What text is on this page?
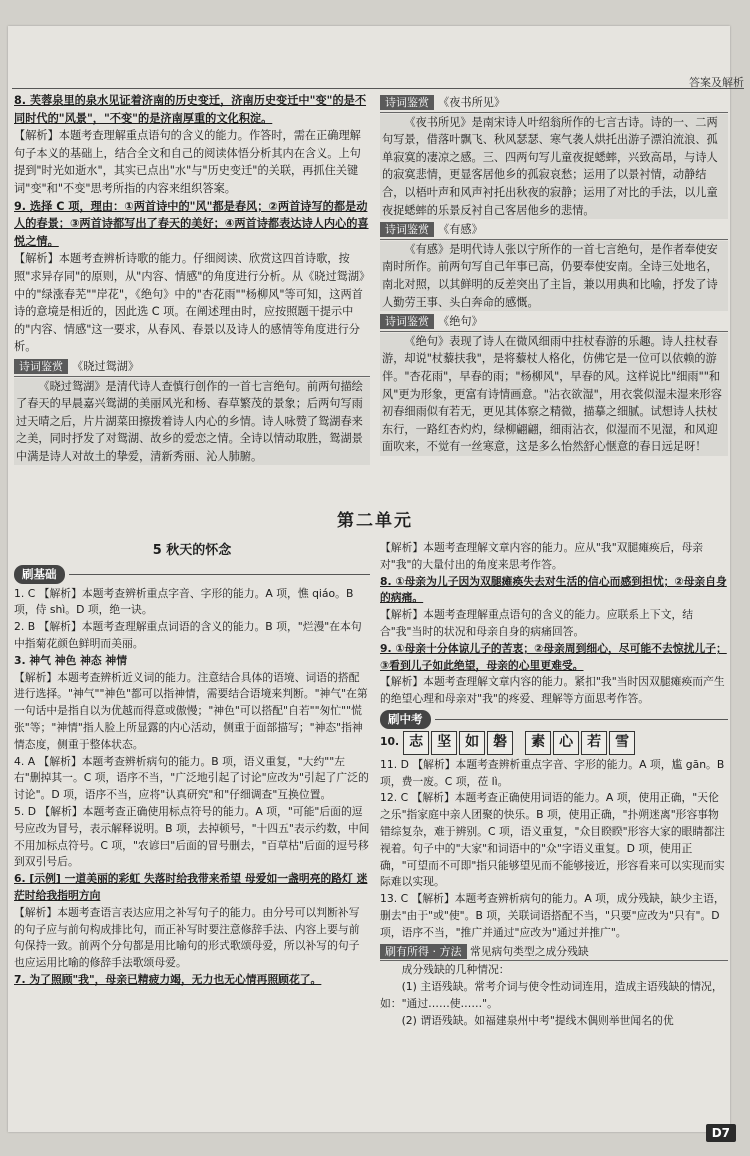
答案及解析

8. 芙蓉泉里的泉水见证着济南的历史变迁，济南历史变迁中"变"的是不同时代的"风景"，"不变"的是济南厚重的文化积淀。

【解析】本题考查理解重点语句的含义的能力。作答时，需在正确理解句子本义的基础上，结合全文和自己的阅读体悟分析其内在含义。上句提到"时光如逝水"，其实已点出"水"与"历史变迁"的关联，再抓住关键词"变"和"不变"思考所指的内容来组织答案。

9. 选择 C 项，理由：①两首诗中的"风"都是春风；②两首诗写的都是动人的春景；③两首诗都写出了春天的美好；④两首诗都表达诗人内心的喜悦之情。

【解析】本题考查辨析诗歌的能力。仔细阅读、欣赏这四首诗歌，按照"求异存同"的原则，从"内容、情感"的角度进行分析。从《晓过鸳湖》中的"绿涨春芜""岸花"，《绝句》中的"杏花雨""杨柳风"等可知，这两首诗的意境是相近的，因此选 C 项。在阐述理由时，应按照题干提示中的"内容、情感"这一要求，从春风、春景以及诗人的感情等角度进行分析。

诗词鉴赏 《晓过鸳湖》

《晓过鸳湖》是清代诗人查慎行创作的一首七言绝句。前两句描绘了春天的早晨嘉兴鸳湖的美丽风光和杨、春草繁茂的景象；后两句写雨过天晴之后，片片湖菜田擦拨着诗人内心的乡情。诗人咏赞了鸳湖春来之美，同时抒发了对鸳湖、故乡的爱恋之情。全诗以情动取胜，鸳湖景中满是诗人对故土的挚爱，清新秀丽、沁人肺腑。

诗词鉴赏 《夜书所见》

《夜书所见》是南宋诗人叶绍翁所作的七言古诗。诗的一、二两句写景，借落叶飘飞、秋风瑟瑟、寒气袭人烘托出游子漂泊流浪、孤单寂寞的凄凉之感。三、四两句写儿童夜捉蟋蟀，兴致高昂，与诗人的寂寞悲情，更显客居他乡的孤寂哀愁；运用了以景衬情，动静结合，以梧叶声和风声衬托出秋夜的寂静；运用了对比的手法，以儿童夜捉蟋蟀的乐景反衬自己客居他乡的悲情。

诗词鉴赏 《有感》

《有感》是明代诗人张以宁所作的一首七言绝句，是作者奉使安南时所作。前两句写自己年事已高，仍要奉使安南。全诗三处地名，南北对照，以其鲜明的反差突出了主旨，兼以用典和比喻，抒发了诗人勤劳王事、头白奔命的感慨。

诗词鉴赏 《绝句》

《绝句》表现了诗人在微风细雨中拄杖春游的乐趣。诗人拄杖春游，却说"杖藜扶我"，是将藜杖人格化，仿佛它是一位可以依赖的游伴。"杏花雨"，早春的雨；"杨柳风"，早春的风。这样说比"细雨""和风"更为形象，更富有诗情画意。"沾衣欲湿"，用衣裳似湿未湿来形容初春细雨似有若无，更见其体察之精微，描摹之细腻。试想诗人扶杖东行，一路红杏灼灼，绿柳翩翩，细雨沾衣，似湿而不见湿，和风迎面吹来，不觉有一丝寒意，这是多么怡然舒心惬意的春日远足呀！

第二单元
5 秋天的怀念
刷基础

1. C 【解析】本题考查辨析重点字音、字形的能力。A 项，憔 qiáo。B 项，侍 shì。D 项，绝一诀。

2. B 【解析】本题考查理解重点词语的含义的能力。B 项，"烂漫"在本句中指菊花颜色鲜明而美丽。

3. 神气 神色 神态 神情

【解析】本题考查辨析近义词的能力。注意结合具体的语境、词语的搭配进行选择。"神气""神色"都可以指神情，需要结合语境来判断。"神气"在第一句话中是指自以为优越而得意或傲慢；"神色"可以搭配"自若""匆忙""慌张"等；"神情"指人脸上所显露的内心活动，侧重于面部描写；"神态"指神情态度，侧重于整体状态。

4. A 【解析】本题考查辨析病句的能力。B 项，语义重复，"大约""左右"删掉其一。C 项，语序不当，"广泛地引起了讨论"应改为"引起了广泛的讨论"。D 项，语序不当，应将"认真研究"和"仔细调查"互换位置。

5. D 【解析】本题考查正确使用标点符号的能力。A 项，"可能"后面的逗号应改为冒号，表示解释说明。B 项，去掉顿号，"十四五"表示约数，中间不用加标点符号。C 项，"农谚曰"后面的冒号删去，"百草枯"后面的逗号移到双引号后。

6. [示例] 一道美丽的彩虹 失落时给我带来希望 母爱如一盏明亮的路灯 迷茫时给我指明方向

【解析】本题考查语言表达应用之补写句子的能力。由分号可以判断补写的句子应与前句构成排比句，而正补写时要注意修辞手法、内容上要与前句保持一致。前两个分句都是用比喻句的形式歌颂母爱，所以补写的句子也应运用比喻的修辞手法歌颂母爱。

7. 为了照顾"我"，母亲已精疲力竭，无力也无心情再照顾花了。

【解析】本题考查理解文章内容的能力。应从"我"双腿瘫痪后，母亲对"我"的大量付出的角度来思考作答。

8. ①母亲为儿子因为双腿瘫痪失去对生活的信心而感到担忧；②母亲自身的病痛。

【解析】本题考查理解重点语句的含义的能力。应联系上下文，结合"我"当时的状况和母亲自身的病痛回答。

9. ①母亲十分体谅儿子的苦衷；②母亲周到细心，尽可能不去惊扰儿子；③看到儿子如此绝望，母亲的心里更难受。

【解析】本题考查理解文章内容的能力。紧扣"我"当时因双腿瘫痪而产生的绝望心理和母亲对"我"的疼爱、理解等方面思考作答。

刷中考
10. 志	坚	如	磐	素	心	若	雪

11. D 【解析】本题考查辨析重点字音、字形的能力。A 项，尴 gān。B 项，费一废。C 项，莅 lì。

12. C 【解析】本题考查正确使用词语的能力。A 项，使用正确，"天伦之乐"指家庭中亲人团聚的快乐。B 项，使用正确，"扑朔迷离"形容事物错综复杂，难于辨别。C 项，语义重复，"众目睽睽"形容大家的眼睛都注视着。句子中的"大家"和词语中的"众"字语义重复。D 项，使用正确，"可望而不可即"指只能够望见而不能够接近，形容看来可以实现而实际难以实现。

13. C 【解析】本题考查辨析病句的能力。A 项，成分残缺，缺少主语，删去"由于"或"使"。B 项，关联词语搭配不当，"只要"应改为"只有"。D 项，语序不当，"推广并通过"应改为"通过并推广"。

刷有所得 · 方法 常见病句类型之成分残缺

成分残缺的几种情况：

(1) 主语残缺。常考介词与使令性动词连用，造成主语残缺的情况，如："通过……使……"。

(2) 谓语残缺。如福建泉州中考"提线木偶则举世闻名的优

D7
